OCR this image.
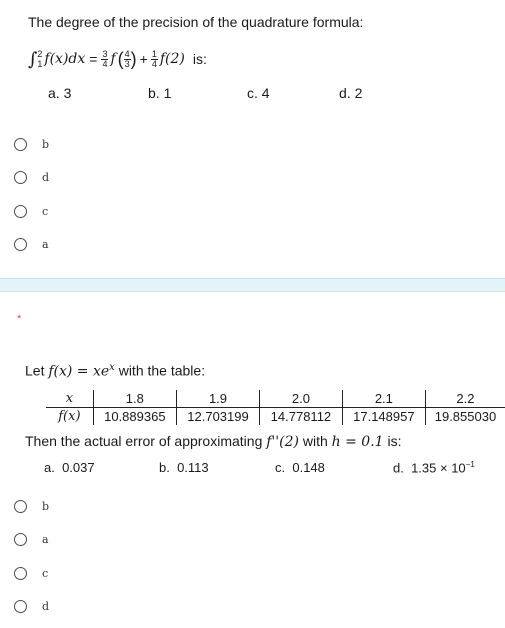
The degree of the precision of the quadrature formula:
∫ 2
1 $f(x)dx = \frac{3}{4}$ f ( $\frac{4}{3}$ ) + $\frac{1}{4} f(2)$ is:
a. 3	b. 1	c. 4	d. 2
b
d
c
a
*
Let $f(x) = xe^x$ with the table:
x	1.8	1.9	2.0	2.1	2.2
f(x)	10.889365	12.703199	14.778112	17.148957	19.855030
Then the actual error of approximating f''(2) with h = 0.1 is:
a. 0.037	b. 0.113	c. 0.148	d. $1.35 \times 10^{-1}$
b
a
c
d
